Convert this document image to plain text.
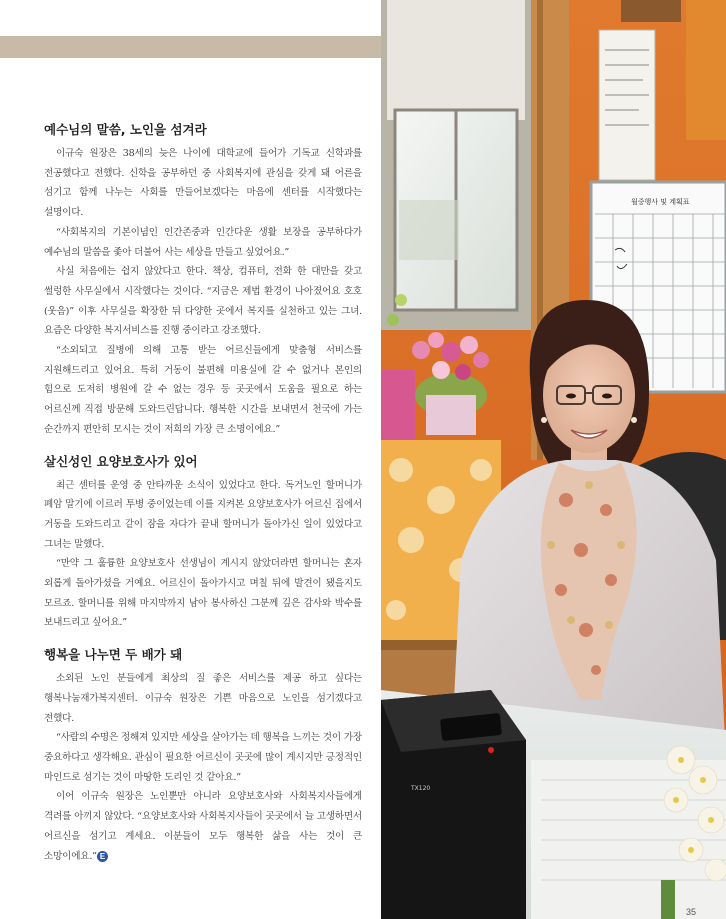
예수님의 말씀, 노인을 섬겨라

이규숙 원장은 38세의 늦은 나이에 대학교에 들어가 기독교 신학과를 전공했다고 전했다. 신학을 공부하던 중 사회복지에 관심을 갖게 돼 어른을 섬기고 함께 나누는 사회를 만들어보겠다는 마음에 센터를 시작했다는 설명이다.

“사회복지의 기본이념인 인간존중과 인간다운 생활 보장을 공부하다가 예수님의 말씀을 좇아 더불어 사는 세상을 만들고 싶었어요.”

사실 처음에는 쉽지 않았다고 한다. 책상, 컴퓨터, 전화 한 대만을 갖고 썰렁한 사무실에서 시작했다는 것이다. “지금은 제법 환경이 나아졌어요 호호(웃음)” 이후 사무실을 확장한 뒤 다양한 곳에서 복지를 실천하고 있는 그녀. 요즘은 다양한 복지서비스를 진행 중이라고 강조했다.

“소외되고 질병에 의해 고통 받는 어르신들에게 맞춤형 서비스를 지원해드리고 있어요. 특히 거동이 불편해 미용실에 갈 수 없거나 본인의 힘으로 도저히 병원에 갈 수 없는 경우 등 곳곳에서 도움을 필요로 하는 어르신께 직접 방문해 도와드린답니다. 행복한 시간을 보내면서 천국에 가는 순간까지 편안히 모시는 것이 저희의 가장 큰 소명이에요.”

살신성인 요양보호사가 있어

최근 센터를 운영 중 안타까운 소식이 있었다고 한다. 독거노인 할머니가 폐암 말기에 이르러 투병 중이었는데 이를 지켜본 요양보호사가 어르신 집에서 거동을 도와드리고 같이 잠을 자다가 끝내 할머니가 돌아가신 일이 있었다고 그녀는 말했다.

“만약 그 훌륭한 요양보호사 선생님이 계시지 않았더라면 할머니는 혼자 외롭게 돌아가셨을 거예요. 어르신이 돌아가시고 며칠 뒤에 발견이 됐을지도 모르죠. 할머니를 위해 마지막까지 남아 봉사하신 그분께 깊은 감사와 박수를 보내드리고 싶어요.”

행복을 나누면 두 배가 돼

소외된 노인 분들에게 최상의 질 좋은 서비스를 제공 하고 싶다는 행복나눔재가복지센터. 이규숙 원장은 기쁜 마음으로 노인을 섬기겠다고 전했다.

“사람의 수명은 정해져 있지만 세상을 살아가는 데 행복을 느끼는 것이 가장 중요하다고 생각해요. 관심이 필요한 어르신이 곳곳에 많이 계시지만 긍정적인 마인드로 섬기는 것이 마땅한 도리인 것 같아요.”

이어 이규숙 원장은 노인뿐만 아니라 요양보호사와 사회복지사들에게 격려를 아끼지 않았다. “요양보호사와 사회복지사들이 곳곳에서 늘 고생하면서 어르신을 섬기고 계세요. 이분들이 모두 행복한 삶을 사는 것이 큰 소망이에요.” E

월중행사 및 계획표
TX120
35
